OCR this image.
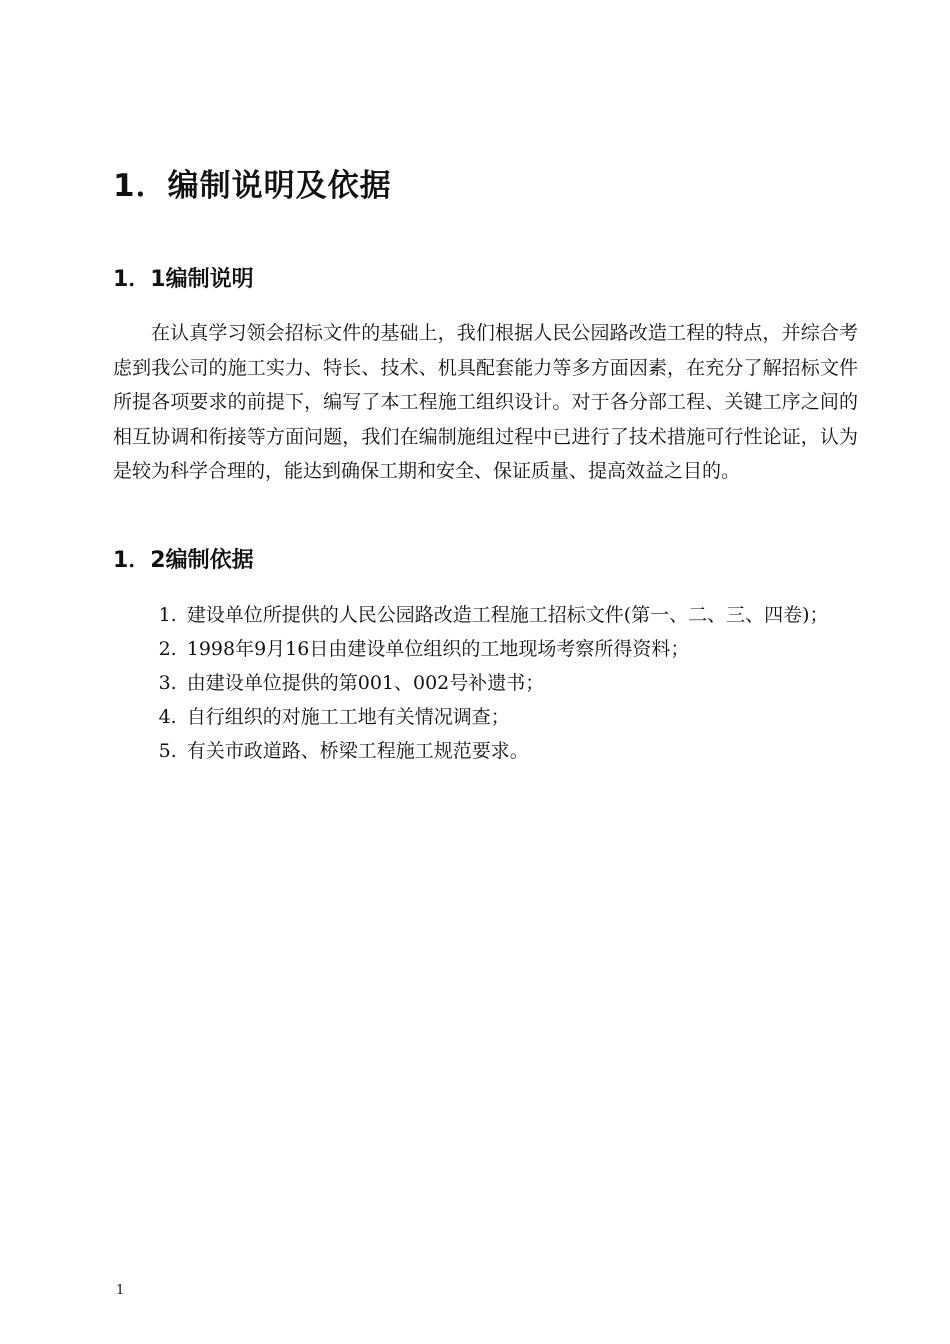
1．编制说明及依据
1．1编制说明
在认真学习领会招标文件的基础上，我们根据人民公园路改造工程的特点，并综合考虑到我公司的施工实力、特长、技术、机具配套能力等多方面因素，在充分了解招标文件所提各项要求的前提下，编写了本工程施工组织设计。对于各分部工程、关键工序之间的相互协调和衔接等方面问题，我们在编制施组过程中已进行了技术措施可行性论证，认为是较为科学合理的，能达到确保工期和安全、保证质量、提高效益之目的。
1．2编制依据
1. 建设单位所提供的人民公园路改造工程施工招标文件(第一、二、三、四卷)；
2. 1998年9月16日由建设单位组织的工地现场考察所得资料；
3. 由建设单位提供的第001、002号补遗书；
4. 自行组织的对施工工地有关情况调查；
5. 有关市政道路、桥梁工程施工规范要求。
1
